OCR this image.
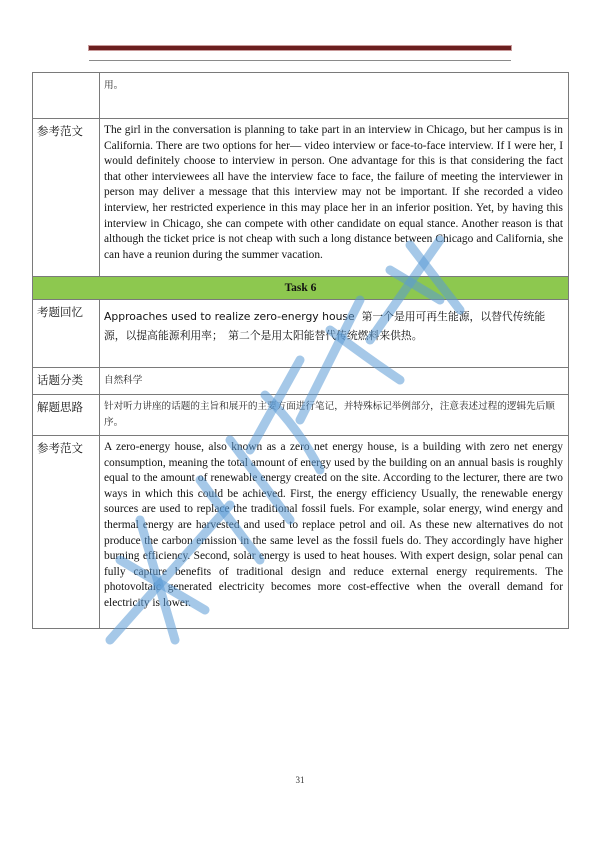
	用。

参考范文	The girl in the conversation is planning to take part in an interview in Chicago, but her campus is in California. There are two options for her— video interview or face-to-face interview. If I were her, I would definitely choose to interview in person. One advantage for this is that considering the fact that other interviewees all have the interview face to face, the failure of meeting the interviewer in person may deliver a message that this interview may not be important. If she recorded a video interview, her restricted experience in this may place her in an inferior position. Yet, by having this interview in Chicago, she can compete with other candidate on equal stance. Another reason is that although the ticket price is not cheap with such a long distance between Chicago and California, she can have a reunion during the summer vacation.

Task 6	
考题回忆	Approaches used to realize zero-energy house 第一个是用可再生能源，以替代传统能源，以提高能源利用率；　第二个是用太阳能替代传统燃料来供热。

话题分类	自然科学

解题思路	针对听力讲座的话题的主旨和展开的主要方面进行笔记，并特殊标记举例部分，注意表述过程的逻辑先后顺序。

参考范文	A zero-energy house, also known as a zero net energy house, is a building with zero net energy consumption, meaning the total amount of energy used by the building on an annual basis is roughly equal to the amount of renewable energy created on the site. According to the lecturer, there are two ways in which this could be achieved. First, the energy efficiency Usually, the renewable energy sources are used to replace the traditional fossil fuels. For example, solar energy, wind energy and thermal energy are harvested and used to replace petrol and oil. As these new alternatives do not produce the carbon emission in the same level as the fossil fuels do. They accordingly have higher burning efficiency. Second, solar energy is used to heat houses. With expert design, solar penal can fully capture benefits of traditional design and reduce external energy requirements. The photovoltaic generated electricity becomes more cost-effective when the overall demand for electricity is lower.
31
